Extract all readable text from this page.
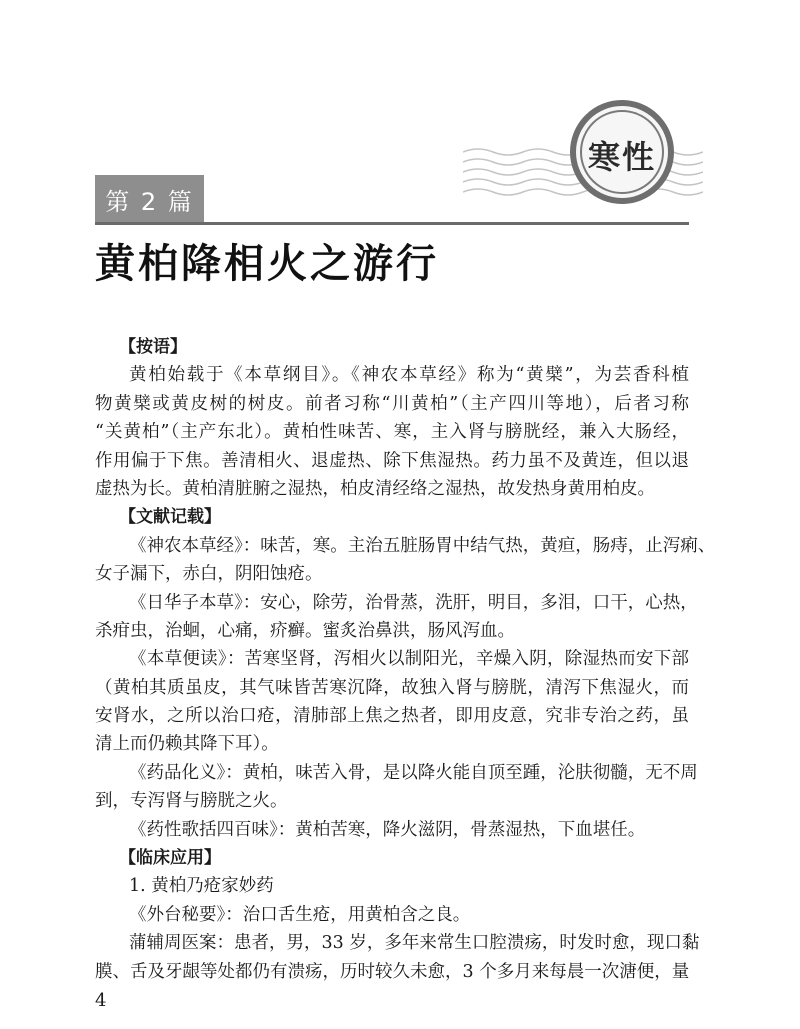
寒性
第 2 篇
黄柏降相火之游行
【按语】
黄柏始载于《本草纲目》。《神农本草经》称为“黄檗”，为芸香科植
物黄檗或黄皮树的树皮。前者习称“川黄柏”（主产四川等地），后者习称
“关黄柏”（主产东北）。黄柏性味苦、寒，主入肾与膀胱经，兼入大肠经，
作用偏于下焦。善清相火、退虚热、除下焦湿热。药力虽不及黄连，但以退
虚热为长。黄柏清脏腑之湿热，柏皮清经络之湿热，故发热身黄用柏皮。
【文献记载】
《神农本草经》：味苦，寒。主治五脏肠胃中结气热，黄疸，肠痔，止泻痢、
女子漏下，赤白，阴阳蚀疮。
《日华子本草》：安心，除劳，治骨蒸，洗肝，明目，多泪，口干，心热，
杀疳虫，治蛔，心痛，疥癣。蜜炙治鼻洪，肠风泻血。
《本草便读》：苦寒坚肾，泻相火以制阳光，辛燥入阴，除湿热而安下部
（黄柏其质虽皮，其气味皆苦寒沉降，故独入肾与膀胱，清泻下焦湿火，而
安肾水，之所以治口疮，清肺部上焦之热者，即用皮意，究非专治之药，虽
清上而仍赖其降下耳）。
《药品化义》：黄柏，味苦入骨，是以降火能自顶至踵，沦肤彻髓，无不周
到，专泻肾与膀胱之火。
《药性歌括四百味》：黄柏苦寒，降火滋阴，骨蒸湿热，下血堪任。
【临床应用】
1. 黄柏乃疮家妙药
《外台秘要》：治口舌生疮，用黄柏含之良。
蒲辅周医案：患者，男，33 岁，多年来常生口腔溃疡，时发时愈，现口黏
膜、舌及牙龈等处都仍有溃疡，历时较久未愈，3 个多月来每晨一次溏便，量
4
